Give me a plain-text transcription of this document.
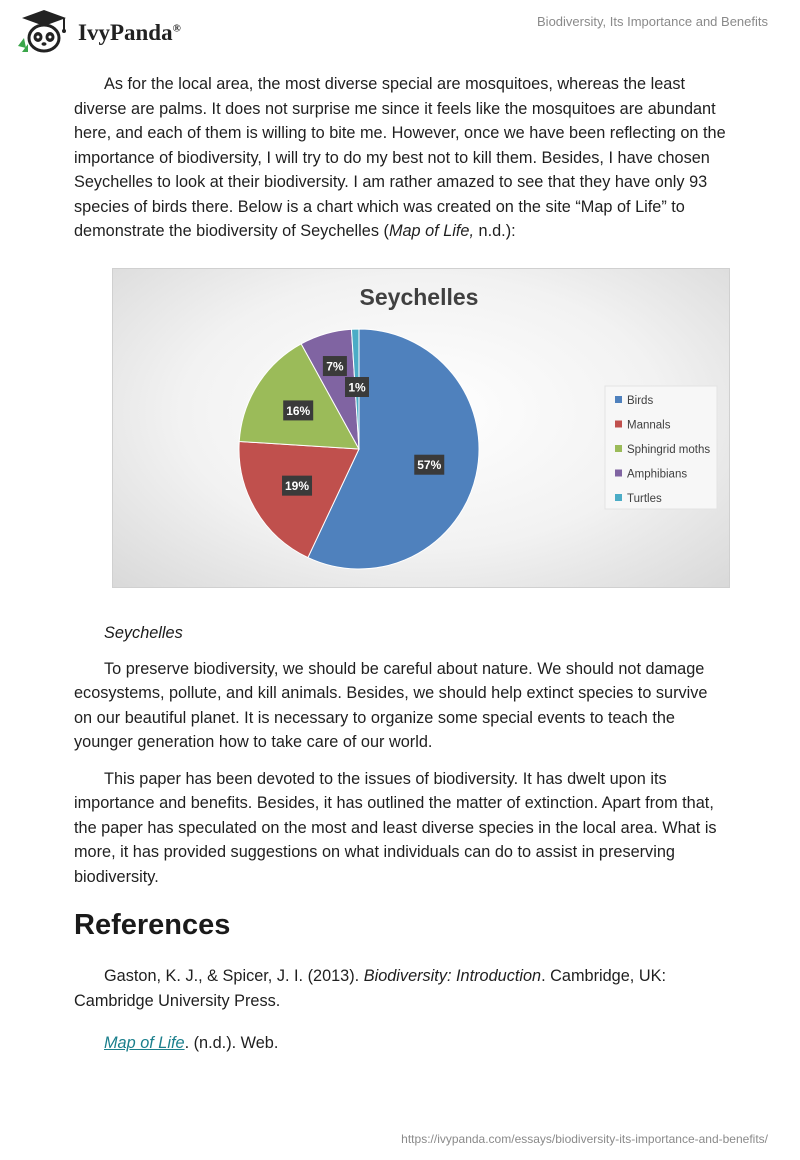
IvyPanda®	Biodiversity, Its Importance and Benefits

As for the local area, the most diverse special are mosquitoes, whereas the least diverse are palms. It does not surprise me since it feels like the mosquitoes are abundant here, and each of them is willing to bite me. However, once we have been reflecting on the importance of biodiversity, I will try to do my best not to kill them. Besides, I have chosen Seychelles to look at their biodiversity. I am rather amazed to see that they have only 93 species of birds there. Below is a chart which was created on the site “Map of Life” to demonstrate the biodiversity of Seychelles (Map of Life, n.d.):

Seychelles
57%
19%
16%
7%
1%
Birds
Mannals
Sphingrid moths
Amphibians
Turtles
Seychelles

To preserve biodiversity, we should be careful about nature. We should not damage ecosystems, pollute, and kill animals. Besides, we should help extinct species to survive on our beautiful planet. It is necessary to organize some special events to teach the younger generation how to take care of our world.

This paper has been devoted to the issues of biodiversity. It has dwelt upon its importance and benefits. Besides, it has outlined the matter of extinction. Apart from that, the paper has speculated on the most and least diverse species in the local area. What is more, it has provided suggestions on what individuals can do to assist in preserving biodiversity.

References

Gaston, K. J., & Spicer, J. I. (2013). Biodiversity: Introduction. Cambridge, UK: Cambridge University Press.

Map of Life. (n.d.). Web.

https://ivypanda.com/essays/biodiversity-its-importance-and-benefits/
